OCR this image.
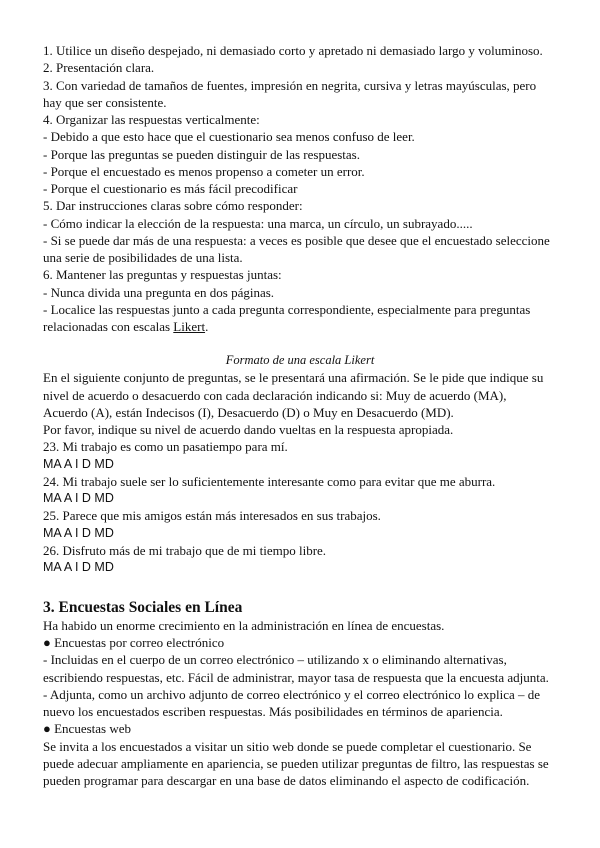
1. Utilice un diseño despejado, ni demasiado corto y apretado ni demasiado largo y voluminoso.
2. Presentación clara.
3. Con variedad de tamaños de fuentes, impresión en negrita, cursiva y letras mayúsculas, pero
hay que ser consistente.
4. Organizar las respuestas verticalmente:
- Debido a que esto hace que el cuestionario sea menos confuso de leer.
- Porque las preguntas se pueden distinguir de las respuestas.
- Porque el encuestado es menos propenso a cometer un error.
- Porque el cuestionario es más fácil precodificar
5. Dar instrucciones claras sobre cómo responder:
- Cómo indicar la elección de la respuesta: una marca, un círculo, un subrayado.....
- Si se puede dar más de una respuesta: a veces es posible que desee que el encuestado seleccione
una serie de posibilidades de una lista.
6. Mantener las preguntas y respuestas juntas:
- Nunca divida una pregunta en dos páginas.
- Localice las respuestas junto a cada pregunta correspondiente, especialmente para preguntas
relacionadas con escalas Likert.
Formato de una escala Likert
En el siguiente conjunto de preguntas, se le presentará una afirmación. Se le pide que indique su
nivel de acuerdo o desacuerdo con cada declaración indicando si: Muy de acuerdo (MA),
Acuerdo (A), están Indecisos (I), Desacuerdo (D) o Muy en Desacuerdo (MD).
Por favor, indique su nivel de acuerdo dando vueltas en la respuesta apropiada.
23. Mi trabajo es como un pasatiempo para mí.
MA A I D MD
24. Mi trabajo suele ser lo suficientemente interesante como para evitar que me aburra.
MA A I D MD
25. Parece que mis amigos están más interesados en sus trabajos.
MA A I D MD
26. Disfruto más de mi trabajo que de mi tiempo libre.
MA A I D MD
3. Encuestas Sociales en Línea
Ha habido un enorme crecimiento en la administración en línea de encuestas.
● Encuestas por correo electrónico
- Incluidas en el cuerpo de un correo electrónico – utilizando x o eliminando alternativas,
escribiendo respuestas, etc. Fácil de administrar, mayor tasa de respuesta que la encuesta adjunta.
- Adjunta, como un archivo adjunto de correo electrónico y el correo electrónico lo explica – de
nuevo los encuestados escriben respuestas. Más posibilidades en términos de apariencia.
● Encuestas web
Se invita a los encuestados a visitar un sitio web donde se puede completar el cuestionario. Se
puede adecuar ampliamente en apariencia, se pueden utilizar preguntas de filtro, las respuestas se
pueden programar para descargar en una base de datos eliminando el aspecto de codificación.
